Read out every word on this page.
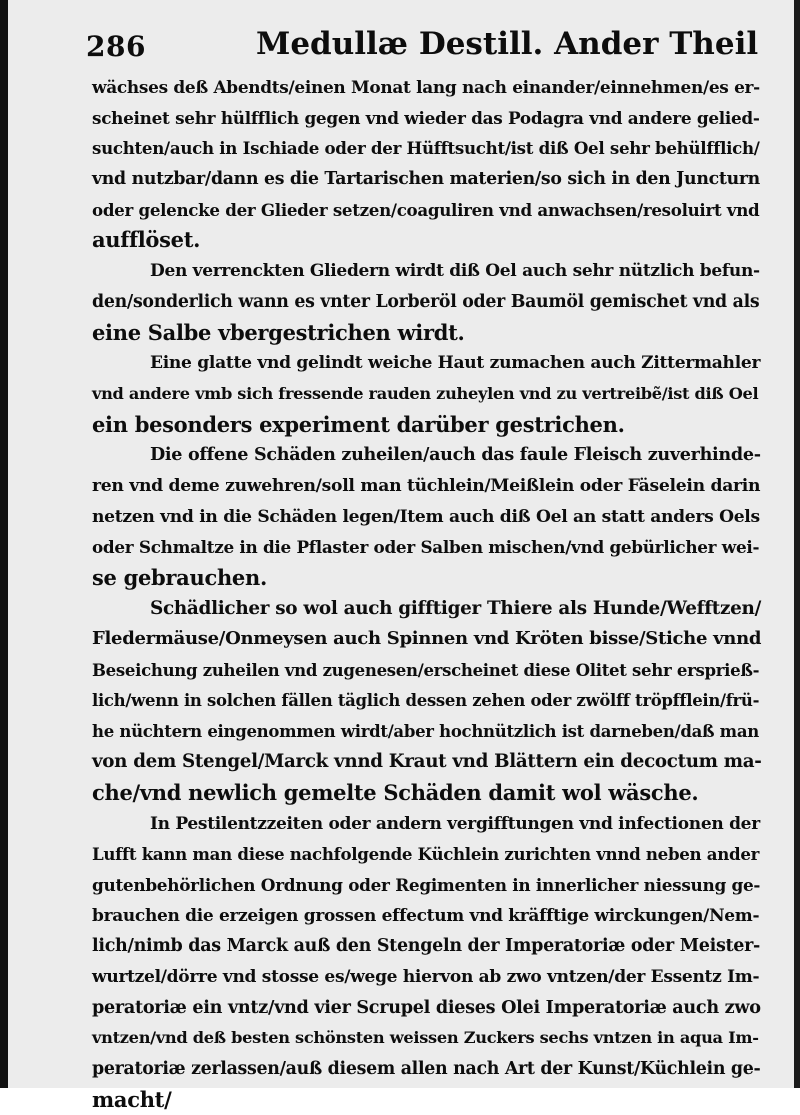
286	Medullæ Destill. Ander Theil
wächses deß Abendts/einen Monat lang nach einander/einnehmen/es er-
scheinet sehr hülfflich gegen vnd wieder das Podagra vnd andere gelied-
suchten/auch in Ischiade oder der Hüfftsucht/ist diß Oel sehr behülfflich/
vnd nutzbar/dann es die Tartarischen materien/so sich in den Juncturn
oder gelencke der Glieder setzen/coaguliren vnd anwachsen/resoluirt vnd
aufflöset.
Den verrenckten Gliedern wirdt diß Oel auch sehr nützlich befun-
den/sonderlich wann es vnter Lorberöl oder Baumöl gemischet vnd als
eine Salbe vbergestrichen wirdt.
Eine glatte vnd gelindt weiche Haut zumachen auch Zittermahler
vnd andere vmb sich fressende rauden zuheylen vnd zu vertreibẽ/ist diß Oel
ein besonders experiment darüber gestrichen.
Die offene Schäden zuheilen/auch das faule Fleisch zuverhinde-
ren vnd deme zuwehren/soll man tüchlein/Meißlein oder Fäselein darin
netzen vnd in die Schäden legen/Item auch diß Oel an statt anders Oels
oder Schmaltze in die Pflaster oder Salben mischen/vnd gebürlicher wei-
se gebrauchen.
Schädlicher so wol auch gifftiger Thiere als Hunde/Wefftzen/
Fledermäuse/Onmeysen auch Spinnen vnd Kröten bisse/Stiche vnnd
Beseichung zuheilen vnd zugenesen/erscheinet diese Olitet sehr ersprieß-
lich/wenn in solchen fällen täglich dessen zehen oder zwölff tröpfflein/frü-
he nüchtern eingenommen wirdt/aber hochnützlich ist darneben/daß man
von dem Stengel/Marck vnnd Kraut vnd Blättern ein decoctum ma-
che/vnd newlich gemelte Schäden damit wol wäsche.
In Pestilentzzeiten oder andern vergifftungen vnd infectionen der
Lufft kann man diese nachfolgende Küchlein zurichten vnnd neben ander
gutenbehörlichen Ordnung oder Regimenten in innerlicher niessung ge-
brauchen die erzeigen grossen effectum vnd kräfftige wirckungen/Nem-
lich/nimb das Marck auß den Stengeln der Imperatoriæ oder Meister-
wurtzel/dörre vnd stosse es/wege hiervon ab zwo vntzen/der Essentz Im-
peratoriæ ein vntz/vnd vier Scrupel dieses Olei Imperatoriæ auch zwo
vntzen/vnd deß besten schönsten weissen Zuckers sechs vntzen in aqua Im-
peratoriæ zerlassen/auß diesem allen nach Art der Kunst/Küchlein ge-
macht/
